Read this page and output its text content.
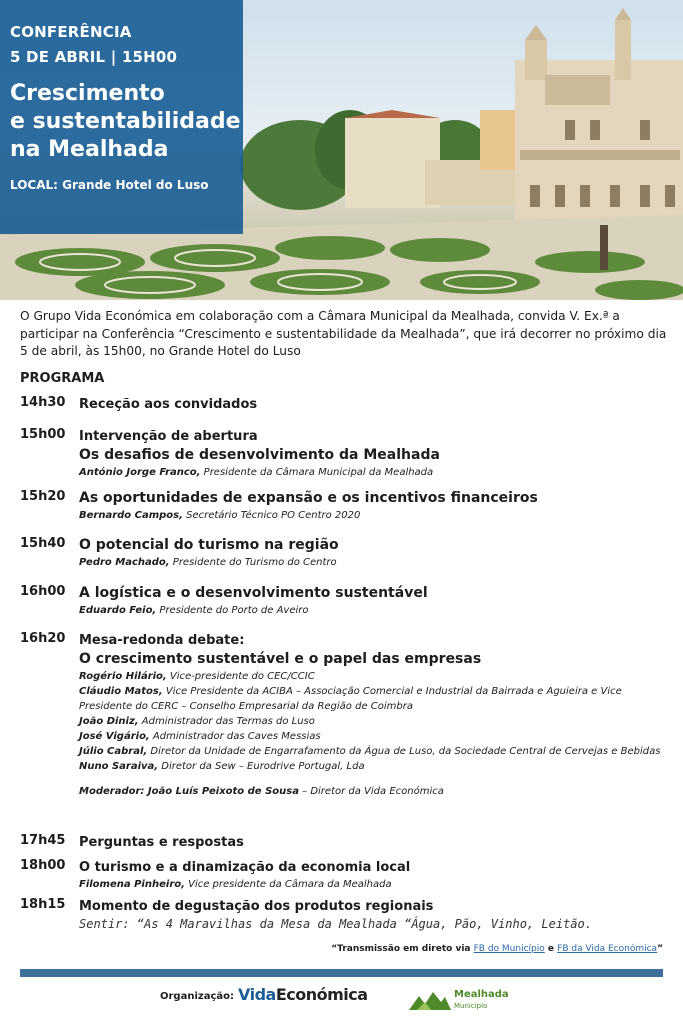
CONFERÊNCIA
5 DE ABRIL | 15H00
Crescimento
e sustentabilidade
na Mealhada
LOCAL: Grande Hotel do Luso
O Grupo Vida Económica em colaboração com a Câmara Municipal da Mealhada, convida V. Ex.ª a participar na Conferência “Crescimento e sustentabilidade da Mealhada”, que irá decorrer no próximo dia 5 de abril, às 15h00, no Grande Hotel do Luso
PROGRAMA
14h30 Receção aos convidados
15h00 Intervenção de abertura
Os desafios de desenvolvimento da Mealhada
António Jorge Franco, Presidente da Câmara Municipal da Mealhada
15h20 As oportunidades de expansão e os incentivos financeiros
Bernardo Campos, Secretário Técnico PO Centro 2020
15h40 O potencial do turismo na região
Pedro Machado, Presidente do Turismo do Centro
16h00 A logística e o desenvolvimento sustentável
Eduardo Feio, Presidente do Porto de Aveiro
16h20 Mesa-redonda debate:
O crescimento sustentável e o papel das empresas
Rogério Hilário, Vice-presidente do CEC/CCIC
Cláudio Matos, Vice Presidente da ACIBA – Associação Comercial e Industrial da Bairrada e Aguieira e Vice Presidente do CERC – Conselho Empresarial da Região de Coimbra
João Diniz, Administrador das Termas do Luso
José Vigário, Administrador das Caves Messias
Júlio Cabral, Diretor da Unidade de Engarrafamento da Água de Luso, da Sociedade Central de Cervejas e Bebidas
Nuno Saraiva, Diretor da Sew – Eurodrive Portugal, Lda
Moderador: João Luís Peixoto de Sousa – Diretor da Vida Económica
17h45 Perguntas e respostas
18h00 O turismo e a dinamização da economia local
Filomena Pinheiro, Vice presidente da Câmara da Mealhada
18h15 Momento de degustação dos produtos regionais
Sentir: “As 4 Maravilhas da Mesa da Mealhada “Água, Pão, Vinho, Leitão.
“Transmissão em direto via FB do Município e FB da Vida Económica”
Organização: VidaEconómica	Mealhada
Município
